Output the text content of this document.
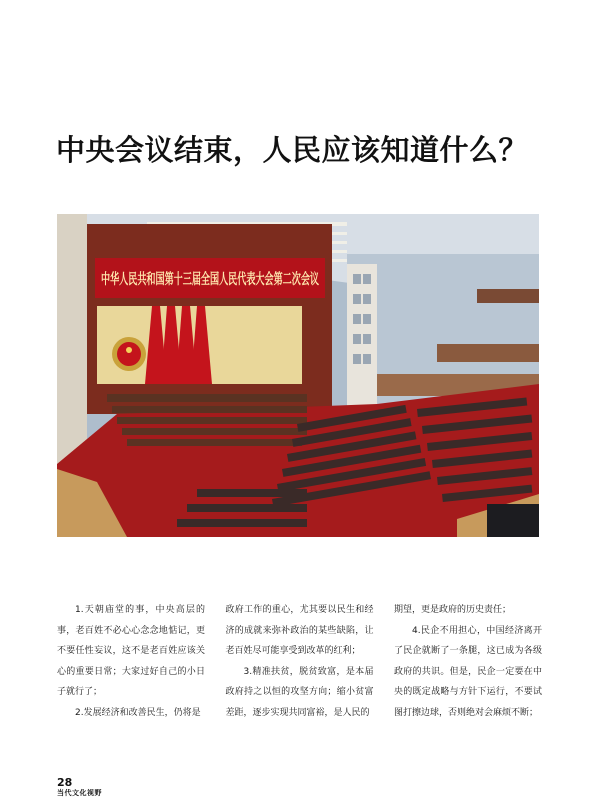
中央会议结束，人民应该知道什么？
中华人民共和国第十三届全国人民代表大会第二次会议

1.天朝庙堂的事，中央高层的事，老百姓不必心心念念地惦记，更不要任性妄议，这不是老百姓应该关心的重要日常；大家过好自己的小日子就行了；

2.发展经济和改善民生，仍将是

政府工作的重心，尤其要以民生和经济的成就来弥补政治的某些缺陷，让老百姓尽可能享受到改革的红利；

3.精准扶贫，脱贫致富，是本届政府持之以恒的攻坚方向；缩小贫富差距，逐步实现共同富裕，是人民的

期望，更是政府的历史责任；

4.民企不用担心，中国经济离开了民企就断了一条腿，这已成为各级政府的共识。但是，民企一定要在中央的既定战略与方针下运行，不要试图打擦边球，否则绝对会麻烦不断；

28
当代文化视野
